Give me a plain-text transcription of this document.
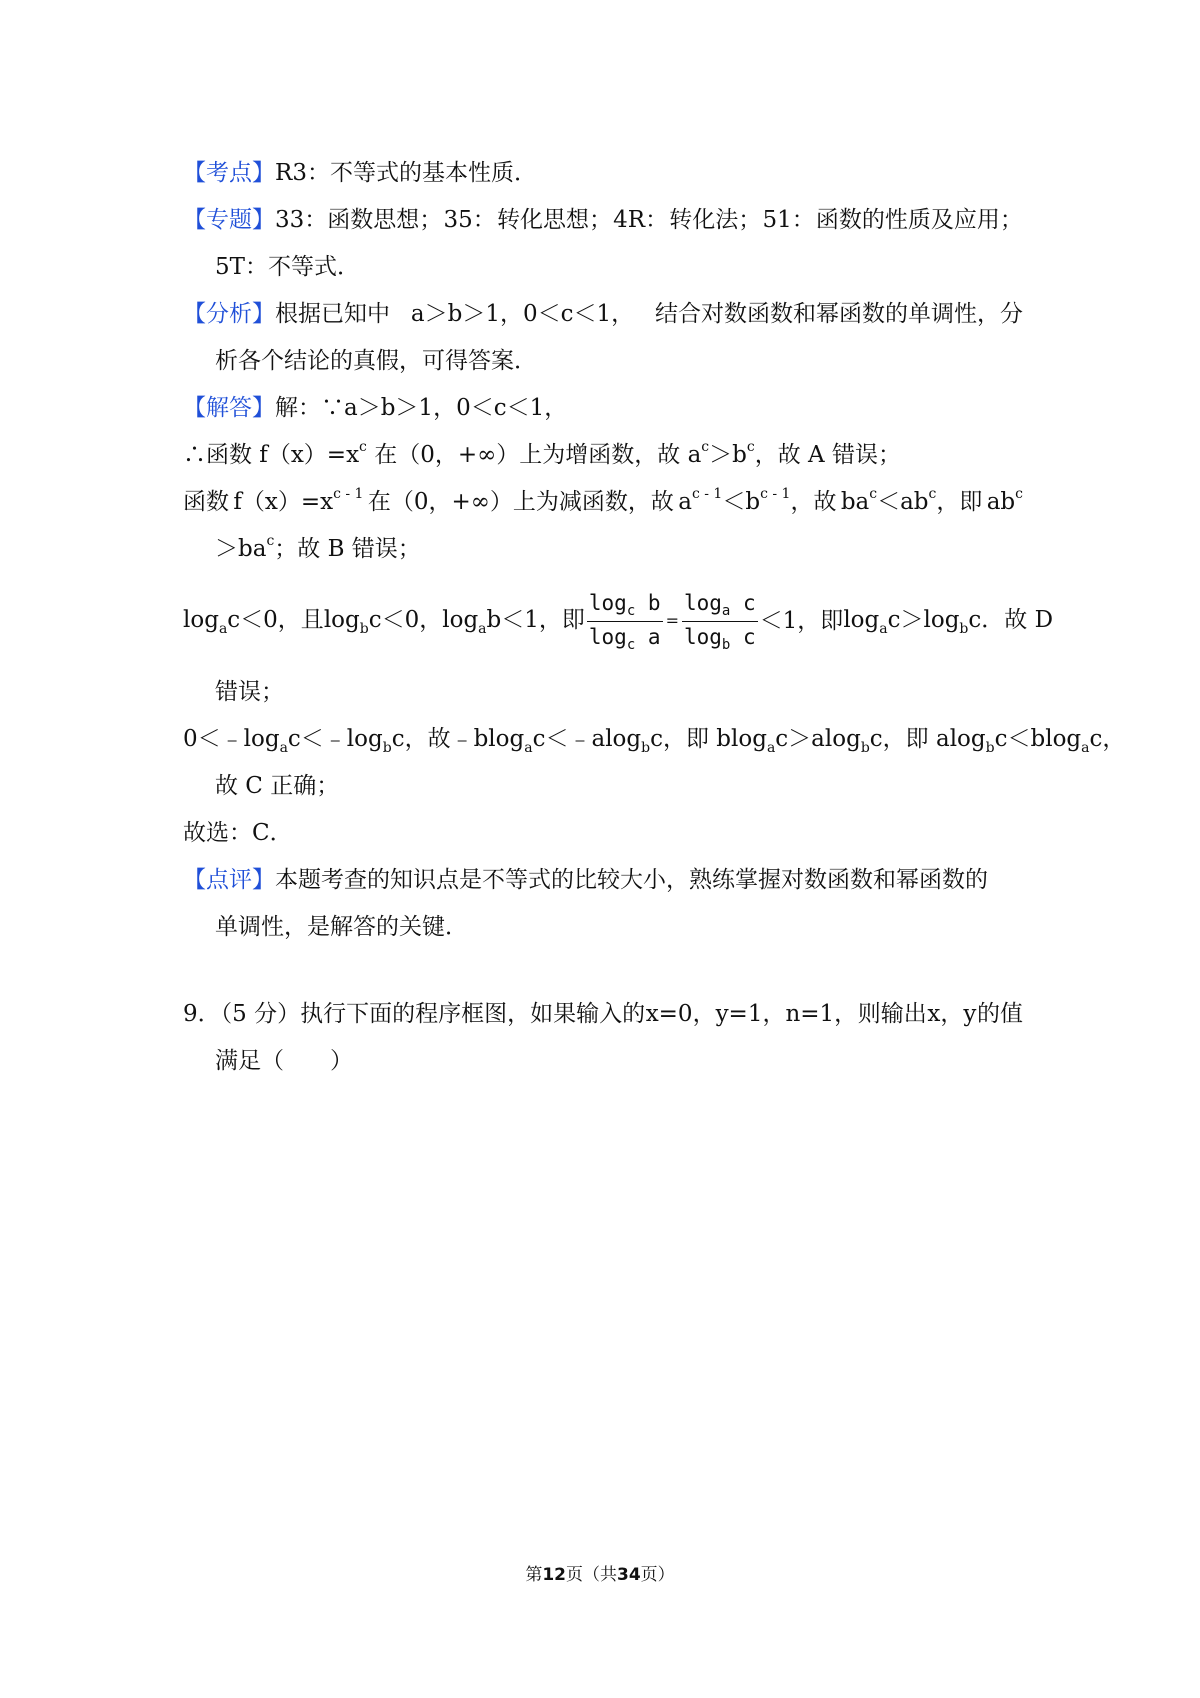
【考点】R3：不等式的基本性质．
【专题】33：函数思想； 35： 转化思想； 4R： 转化法； 51： 函数的性质及应用；
5T：不等式．
【分析】根据已知中 a＞b＞1，0＜c＜1， 结合对数函数和幂函数的单调性，分
析各个结论的真假，可得答案．
【解答】解：∵a＞b＞1，0＜c＜1，
∴函数 $f(x)=x^c$ 在（0，+∞）上为增函数，故 $a^c>b^c$，故 A 错误；
函数 $f(x)=x^{c - 1}$ 在（0，+∞）上为减函数，故 $a^{c - 1}<b^{c - 1}$，故 $ba^c<ab^c$，即 $ab^c$
$>ba^c$；故 B 错误；
$\log_ac<0$，且 $\log_bc<0$， $\log_ab<1$，即 $\frac{\log_c b}{\log_c a} = \frac{\log_a c}{\log_b c} <1$，即 $\log_ac>\log_bc$．故 D
错误；
$0<﹣\log_ac<﹣\log_bc$，故﹣blog$_a$c＜﹣alog$_b$c，即 blog$_a$c＞alog$_b$c，即 alog$_b$c＜blog$_a$c，
故 C 正确；
故选：C．
【点评】本题考查的知识点是不等式的比较大小，熟练掌握对数函数和幂函数的
单调性，是解答的关键．
9．（5 分）执行下面的程序框图，如果输入的 x=0，y=1，n=1， 则输出 x，y 的值
满足（　　）
第12页（共34页）
